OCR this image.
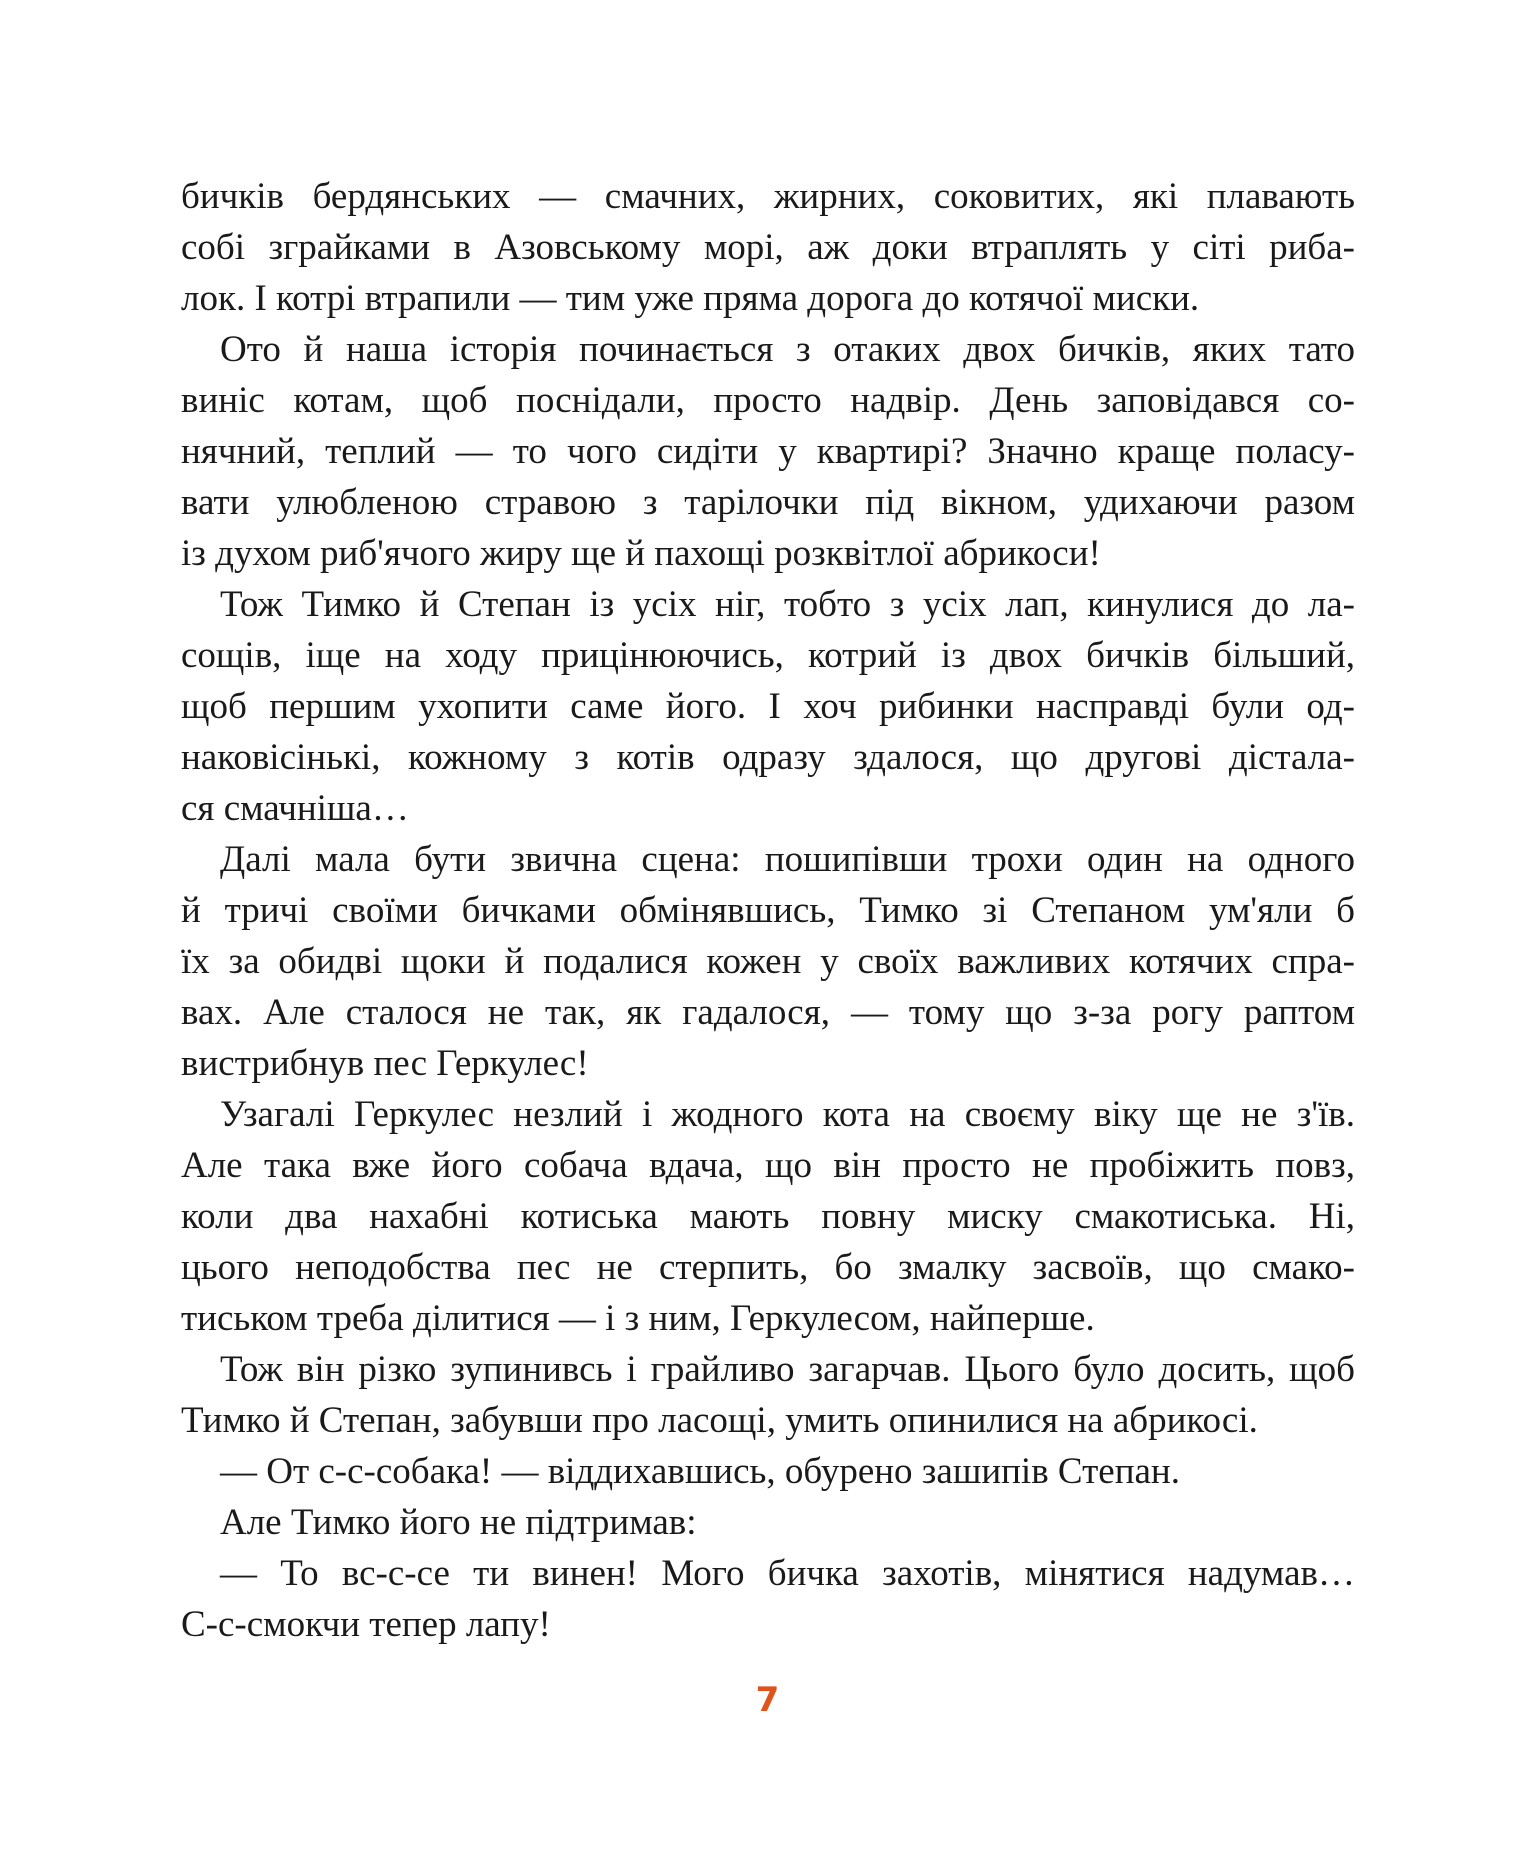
бичків бердянських — смачних, жирних, соковитих, які плавають
собі зграйками в Азовському морі, аж доки втраплять у сіті риба-
лок. І котрі втрапили — тим уже пряма дорога до котячої миски.

Ото й наша історія починається з отаких двох бичків, яких тато
виніс котам, щоб поснідали, просто надвір. День заповідався со-
нячний, теплий — то чого сидіти у квартирі? Значно краще поласу-
вати улюбленою стравою з тарілочки під вікном, удихаючи разом
із духом риб'ячого жиру ще й пахощі розквітлої абрикоси!

Тож Тимко й Степан із усіх ніг, тобто з усіх лап, кинулися до ла-
сощів, іще на ходу прицінюючись, котрий із двох бичків більший,
щоб першим ухопити саме його. І хоч рибинки насправді були од-
наковісінькі, кожному з котів одразу здалося, що другові дістала-
ся смачніша…

Далі мала бути звична сцена: пошипівши трохи один на одного
й тричі своїми бичками обмінявшись, Тимко зі Степаном ум'яли б
їх за обидві щоки й подалися кожен у своїх важливих котячих спра-
вах. Але сталося не так, як гадалося, — тому що з-за рогу раптом
вистрибнув пес Геркулес!

Узагалі Геркулес незлий і жодного кота на своєму віку ще не з'їв.
Але така вже його собача вдача, що він просто не пробіжить повз,
коли два нахабні котиська мають повну миску смакотиська. Ні,
цього неподобства пес не стерпить, бо змалку засвоїв, що смако-
тиськом треба ділитися — і з ним, Геркулесом, найперше.

Тож він різко зупинивсь і грайливо загарчав. Цього було досить, щоб
Тимко й Степан, забувши про ласощі, умить опинилися на абрикосі.

— От с-с-собака! — віддихавшись, обурено зашипів Степан.

Але Тимко його не підтримав:

— То вс-с-се ти винен! Мого бичка захотів, мінятися надумав…
С-с-смокчи тепер лапу!

7
